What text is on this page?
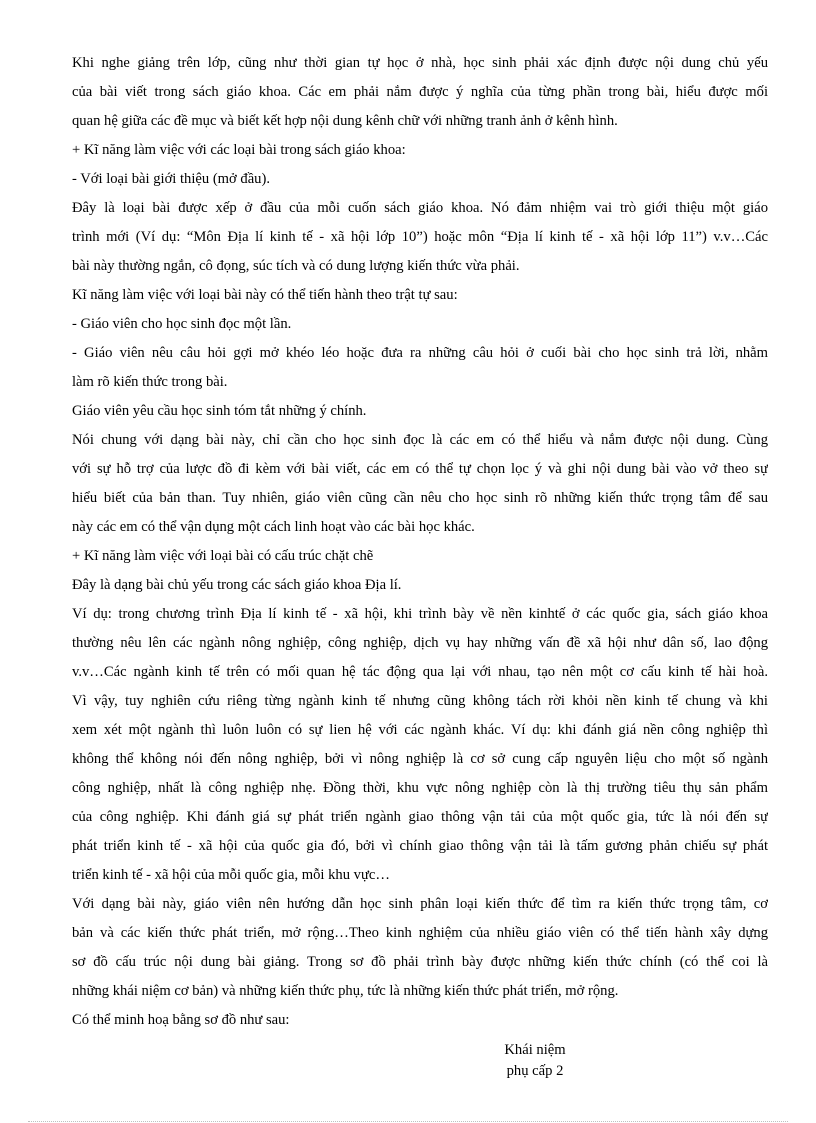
Khi nghe giảng trên lớp, cũng như thời gian tự học ở nhà, học sinh phải xác định được nội dung chủ yếu

của bài viết trong sách giáo khoa. Các em phải nắm được ý nghĩa của từng phần trong bài, hiểu được mối

quan hệ giữa các đề mục và biết kết hợp nội dung kênh chữ với những tranh ảnh ở kênh hình.

+ Kĩ năng làm việc với các loại bài trong sách giáo khoa:

- Với loại bài giới thiệu (mở đầu).

Đây là loại bài được xếp ở đầu của mỗi cuốn sách giáo khoa. Nó đảm nhiệm vai trò giới thiệu một giáo

trình mới (Ví dụ: “Môn Địa lí kinh tế - xã hội lớp 10”) hoặc môn “Địa lí kinh tế - xã hội lớp 11”) v.v…Các

bài này thường ngắn, cô đọng, súc tích và có dung lượng kiến thức vừa phải.

Kĩ năng làm việc với loại bài này có thể tiến hành theo trật tự sau:

- Giáo viên cho học sinh đọc một lần.

- Giáo viên nêu câu hỏi gợi mở khéo léo hoặc đưa ra những câu hỏi ở cuối bài cho học sinh trả lời, nhằm

làm rõ kiến thức trong bài.

Giáo viên yêu cầu học sinh tóm tắt những ý chính.

Nói chung với dạng bài này, chỉ cần cho học sinh đọc là các em có thể hiểu và nắm được nội dung. Cùng

với sự hỗ trợ của lược đồ đi kèm với bài viết, các em có thể tự chọn lọc ý và ghi nội dung bài vào vở theo sự

hiểu biết của bản than. Tuy nhiên, giáo viên cũng cần nêu cho học sinh rõ những kiến thức trọng tâm để sau

này các em có thể vận dụng một cách linh hoạt vào các bài học khác.

+ Kĩ năng làm việc với loại bài có cấu trúc chặt chẽ

Đây là dạng bài chủ yếu trong các sách giáo khoa Địa lí.

Ví dụ: trong chương trình Địa lí kinh tế - xã hội, khi trình bày về nền kinhtế ở các quốc gia, sách giáo khoa

thường nêu lên các ngành nông nghiệp, công nghiệp, dịch vụ hay những vấn đề xã hội như dân số, lao động

v.v…Các ngành kinh tế trên có mối quan hệ tác động qua lại với nhau, tạo nên một cơ cấu kinh tế hài hoà.

Vì vậy, tuy nghiên cứu riêng từng ngành kinh tế nhưng cũng không tách rời khỏi nền kinh tế chung và khi

xem xét một ngành thì luôn luôn có sự lien hệ với các ngành khác. Ví dụ: khi đánh giá nền công nghiệp thì

không thể không nói đến nông nghiệp, bởi vì nông nghiệp là cơ sở cung cấp nguyên liệu cho một số ngành

công nghiệp, nhất là công nghiệp nhẹ. Đồng thời, khu vực nông nghiệp còn là thị trường tiêu thụ sản phẩm

của công nghiệp. Khi đánh giá sự phát triển ngành giao thông vận tải của một quốc gia, tức là nói đến sự

phát triển kinh tế - xã hội của quốc gia đó, bởi vì chính giao thông vận tải là tấm gương phản chiếu sự phát

triển kinh tế - xã hội của mỗi quốc gia, mỗi khu vực…

Với dạng bài này, giáo viên nên hướng dẫn học sinh phân loại kiến thức để tìm ra kiến thức trọng tâm, cơ

bản và các kiến thức phát triển, mở rộng…Theo kinh nghiệm của nhiều giáo viên có thể tiến hành xây dựng

sơ đồ cấu trúc nội dung bài giảng. Trong sơ đồ phải trình bày được những kiến thức chính (có thể coi là

những khái niệm cơ bản) và những kiến thức phụ, tức là những kiến thức phát triển, mở rộng.

Có thể minh hoạ bằng sơ đồ như sau:

Khái niệm
phụ cấp 2
